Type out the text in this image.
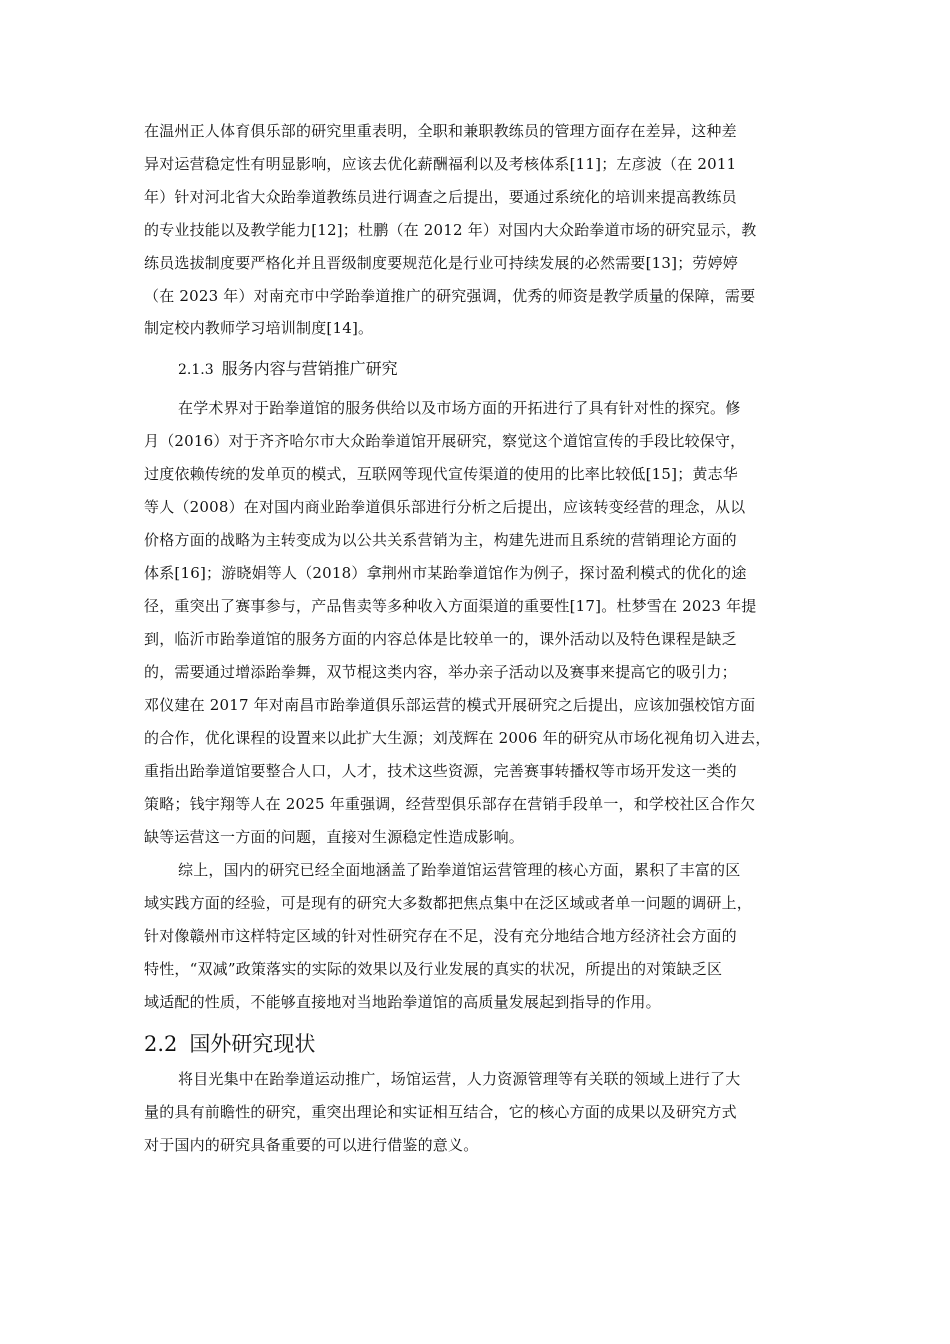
在温州正人体育俱乐部的研究里重表明，全职和兼职教练员的管理方面存在差异，这种差
异对运营稳定性有明显影响，应该去优化薪酬福利以及考核体系[11]；左彦波（在 2011
年）针对河北省大众跆拳道教练员进行调查之后提出，要通过系统化的培训来提高教练员
的专业技能以及教学能力[12]；杜鹏（在 2012 年）对国内大众跆拳道市场的研究显示，教
练员选拔制度要严格化并且晋级制度要规范化是行业可持续发展的必然需要[13]；劳婷婷
（在 2023 年）对南充市中学跆拳道推广的研究强调，优秀的师资是教学质量的保障，需要
制定校内教师学习培训制度[14]。
2.1.3 服务内容与营销推广研究
在学术界对于跆拳道馆的服务供给以及市场方面的开拓进行了具有针对性的探究。修
月（2016）对于齐齐哈尔市大众跆拳道馆开展研究，察觉这个道馆宣传的手段比较保守，
过度依赖传统的发单页的模式，互联网等现代宣传渠道的使用的比率比较低[15]；黄志华
等人（2008）在对国内商业跆拳道俱乐部进行分析之后提出，应该转变经营的理念，从以
价格方面的战略为主转变成为以公共关系营销为主，构建先进而且系统的营销理论方面的
体系[16]；游晓娟等人（2018）拿荆州市某跆拳道馆作为例子，探讨盈利模式的优化的途
径，重突出了赛事参与，产品售卖等多种收入方面渠道的重要性[17]。杜梦雪在 2023 年提
到，临沂市跆拳道馆的服务方面的内容总体是比较单一的，课外活动以及特色课程是缺乏
的，需要通过增添跆拳舞，双节棍这类内容，举办亲子活动以及赛事来提高它的吸引力；
邓仪建在 2017 年对南昌市跆拳道俱乐部运营的模式开展研究之后提出，应该加强校馆方面
的合作，优化课程的设置来以此扩大生源；刘茂辉在 2006 年的研究从市场化视角切入进去，
重指出跆拳道馆要整合人口，人才，技术这些资源，完善赛事转播权等市场开发这一类的
策略；钱宇翔等人在 2025 年重强调，经营型俱乐部存在营销手段单一，和学校社区合作欠
缺等运营这一方面的问题，直接对生源稳定性造成影响。
综上，国内的研究已经全面地涵盖了跆拳道馆运营管理的核心方面，累积了丰富的区
域实践方面的经验，可是现有的研究大多数都把焦点集中在泛区域或者单一问题的调研上，
针对像赣州市这样特定区域的针对性研究存在不足，没有充分地结合地方经济社会方面的
特性，“双减”政策落实的实际的效果以及行业发展的真实的状况，所提出的对策缺乏区
域适配的性质，不能够直接地对当地跆拳道馆的高质量发展起到指导的作用。
2.2 国外研究现状
将目光集中在跆拳道运动推广，场馆运营，人力资源管理等有关联的领域上进行了大
量的具有前瞻性的研究，重突出理论和实证相互结合，它的核心方面的成果以及研究方式
对于国内的研究具备重要的可以进行借鉴的意义。
